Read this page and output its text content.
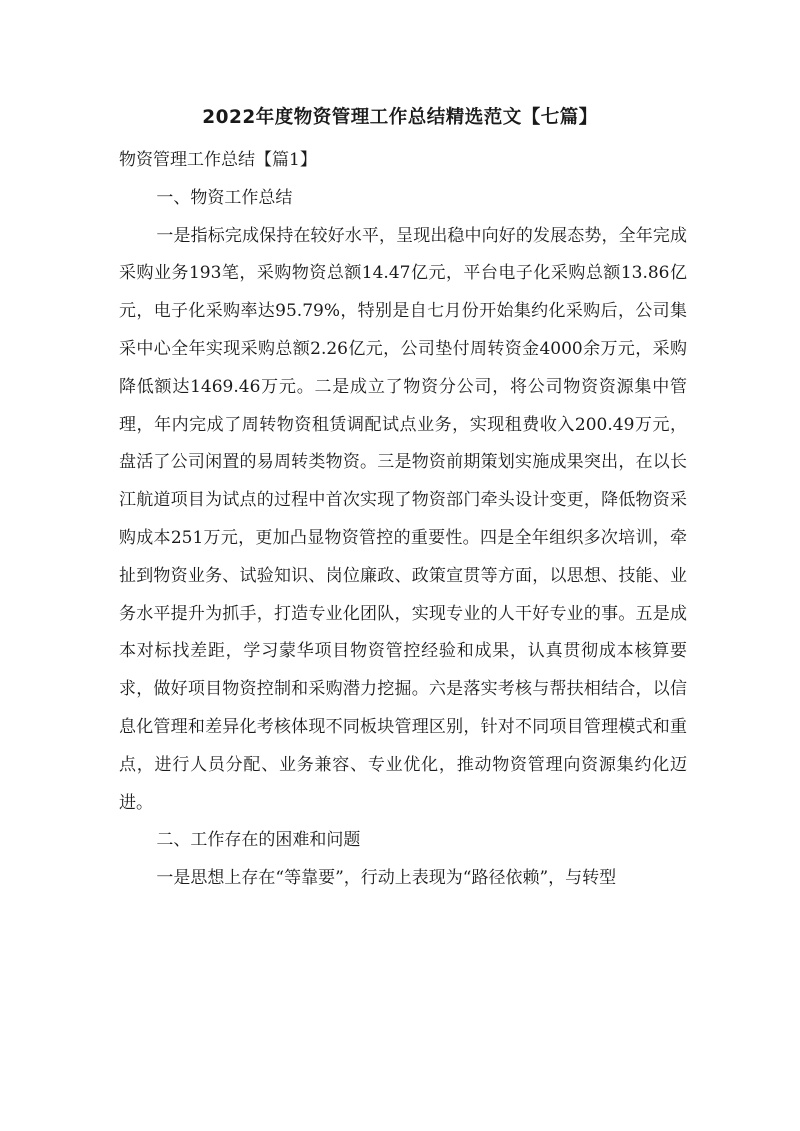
2022年度物资管理工作总结精选范文【七篇】

物资管理工作总结【篇1】

一、物资工作总结

一是指标完成保持在较好水平，呈现出稳中向好的发展态势，全年完成采购业务193笔，采购物资总额14.47亿元，平台电子化采购总额13.86亿元，电子化采购率达95.79%，特别是自七月份开始集约化采购后，公司集采中心全年实现采购总额2.26亿元，公司垫付周转资金4000余万元，采购降低额达1469.46万元。二是成立了物资分公司，将公司物资资源集中管理，年内完成了周转物资租赁调配试点业务，实现租费收入200.49万元，盘活了公司闲置的易周转类物资。三是物资前期策划实施成果突出，在以长江航道项目为试点的过程中首次实现了物资部门牵头设计变更，降低物资采购成本251万元，更加凸显物资管控的重要性。四是全年组织多次培训，牵扯到物资业务、试验知识、岗位廉政、政策宣贯等方面，以思想、技能、业务水平提升为抓手，打造专业化团队，实现专业的人干好专业的事。五是成本对标找差距，学习蒙华项目物资管控经验和成果，认真贯彻成本核算要求，做好项目物资控制和采购潜力挖掘。六是落实考核与帮扶相结合，以信息化管理和差异化考核体现不同板块管理区别，针对不同项目管理模式和重点，进行人员分配、业务兼容、专业优化，推动物资管理向资源集约化迈进。

二、工作存在的困难和问题

一是思想上存在“等靠要”，行动上表现为“路径依赖”，与转型
